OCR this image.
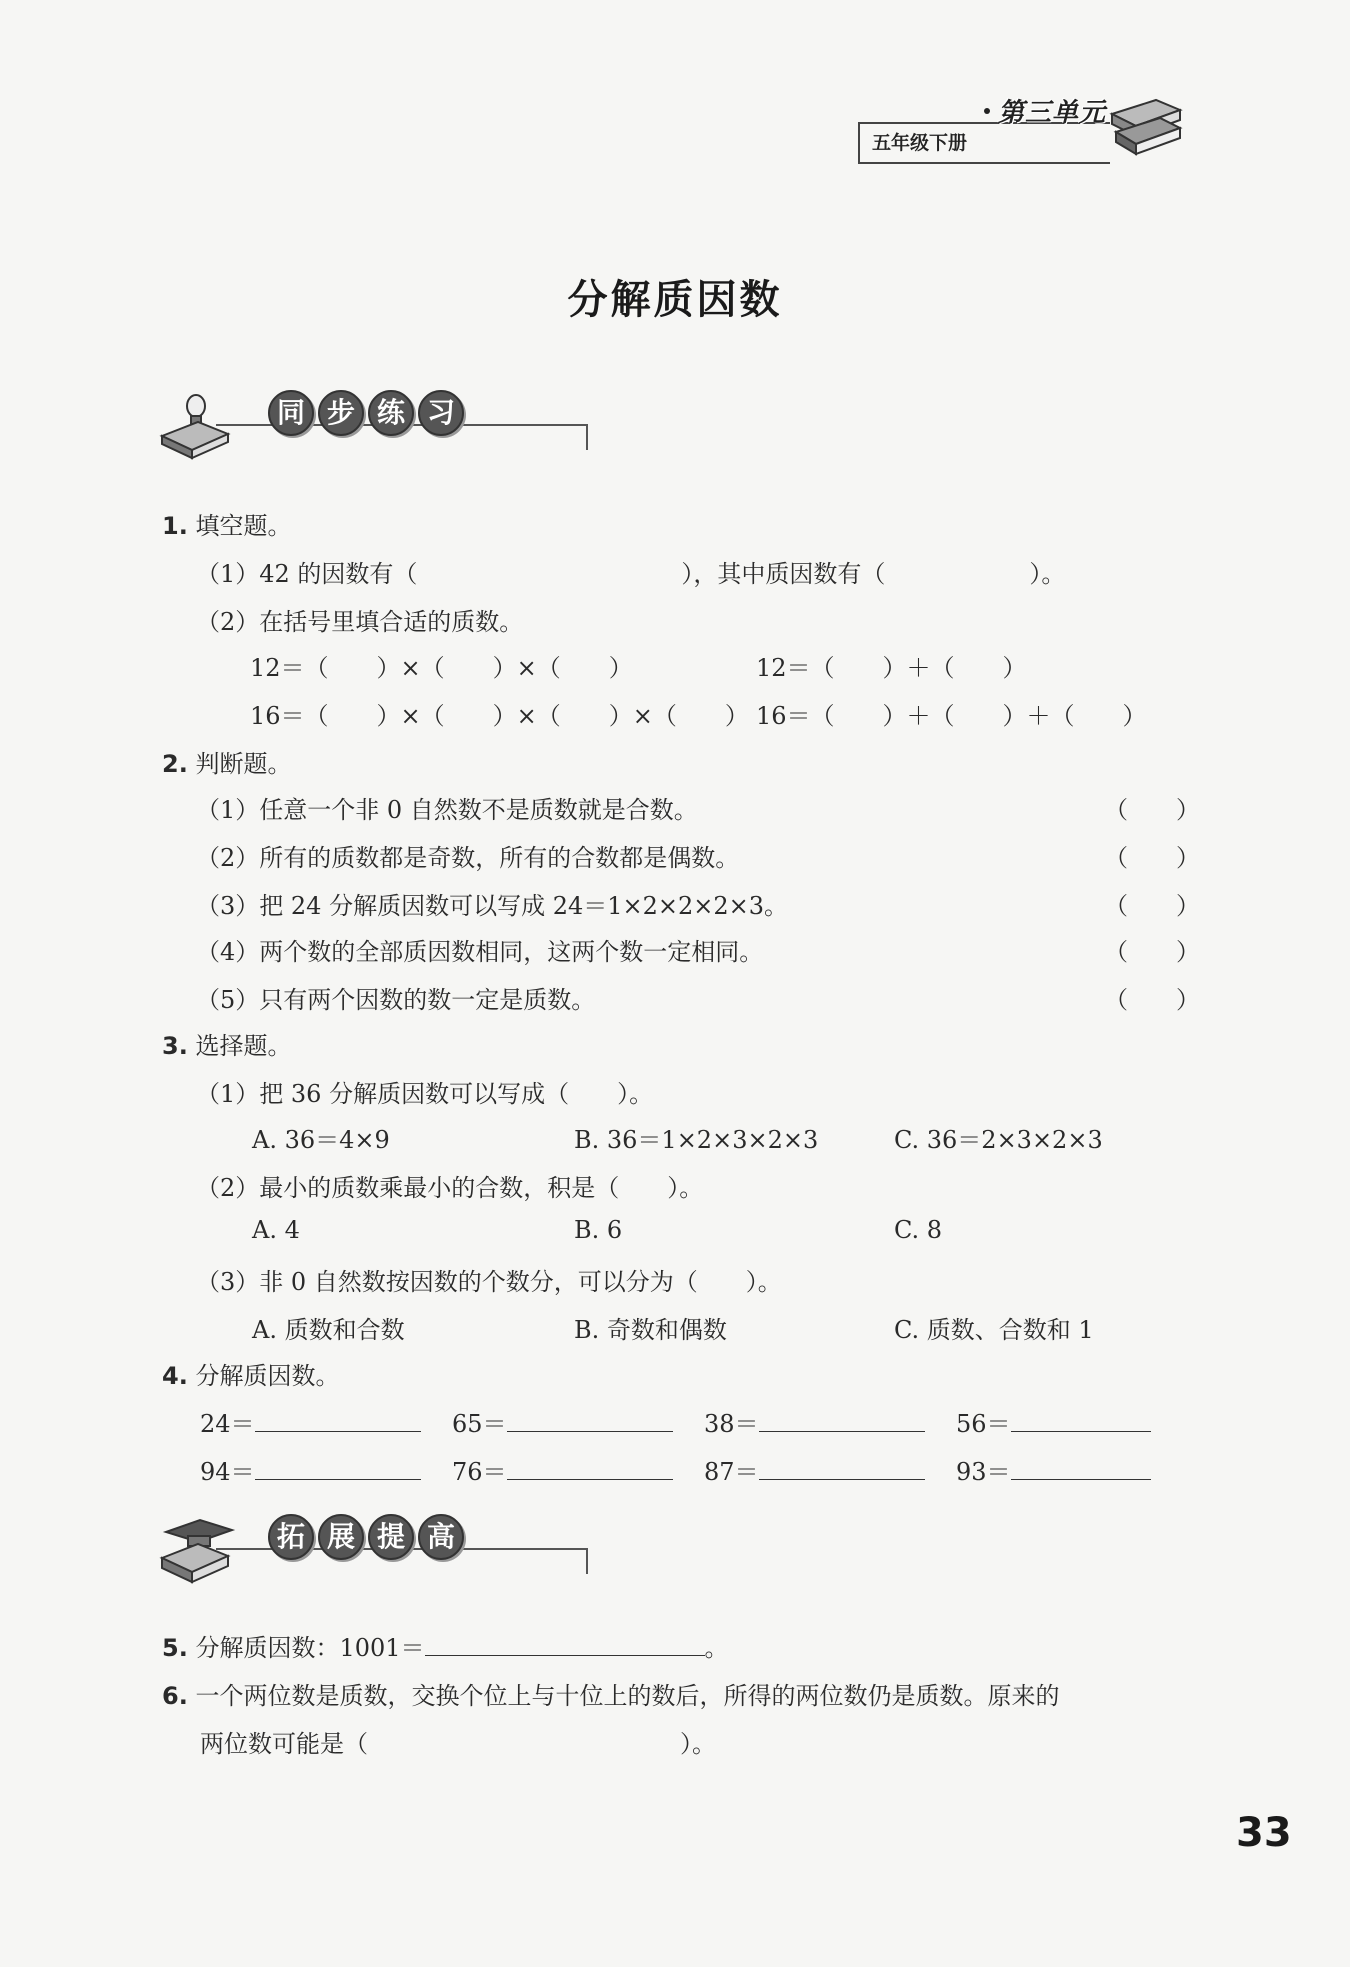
五年级下册
第三单元
分解质因数
同 步 练 习
1. 填空题。
（1）42 的因数有（　　　　　　　　　　　），其中质因数有（　　　　　　）。
（2）在括号里填合适的质数。
12＝（　　）×（　　）×（　　）	12＝（　　）＋（　　）
16＝（　　）×（　　）×（　　）×（　　） 16＝（　　）＋（　　）＋（　　）
2. 判断题。
（1）任意一个非 0 自然数不是质数就是合数。	（　　）
（2）所有的质数都是奇数，所有的合数都是偶数。	（　　）
（3）把 24 分解质因数可以写成 24＝1×2×2×2×3。	（　　）
（4）两个数的全部质因数相同，这两个数一定相同。	（　　）
（5）只有两个因数的数一定是质数。	（　　）
3. 选择题。
（1）把 36 分解质因数可以写成（　　）。
A. 36＝4×9	B. 36＝1×2×3×2×3	C. 36＝2×3×2×3
（2）最小的质数乘最小的合数，积是（　　）。
A. 4	B. 6	C. 8
（3）非 0 自然数按因数的个数分，可以分为（　　）。
A. 质数和合数	B. 奇数和偶数	C. 质数、合数和 1
4. 分解质因数。
24＝	65＝	38＝	56＝
94＝	76＝	87＝	93＝
拓 展 提 高
5. 分解质因数：1001＝	。
6. 一个两位数是质数，交换个位上与十位上的数后，所得的两位数仍是质数。原来的
两位数可能是（　　　　　　　　　　　　　）。
33
